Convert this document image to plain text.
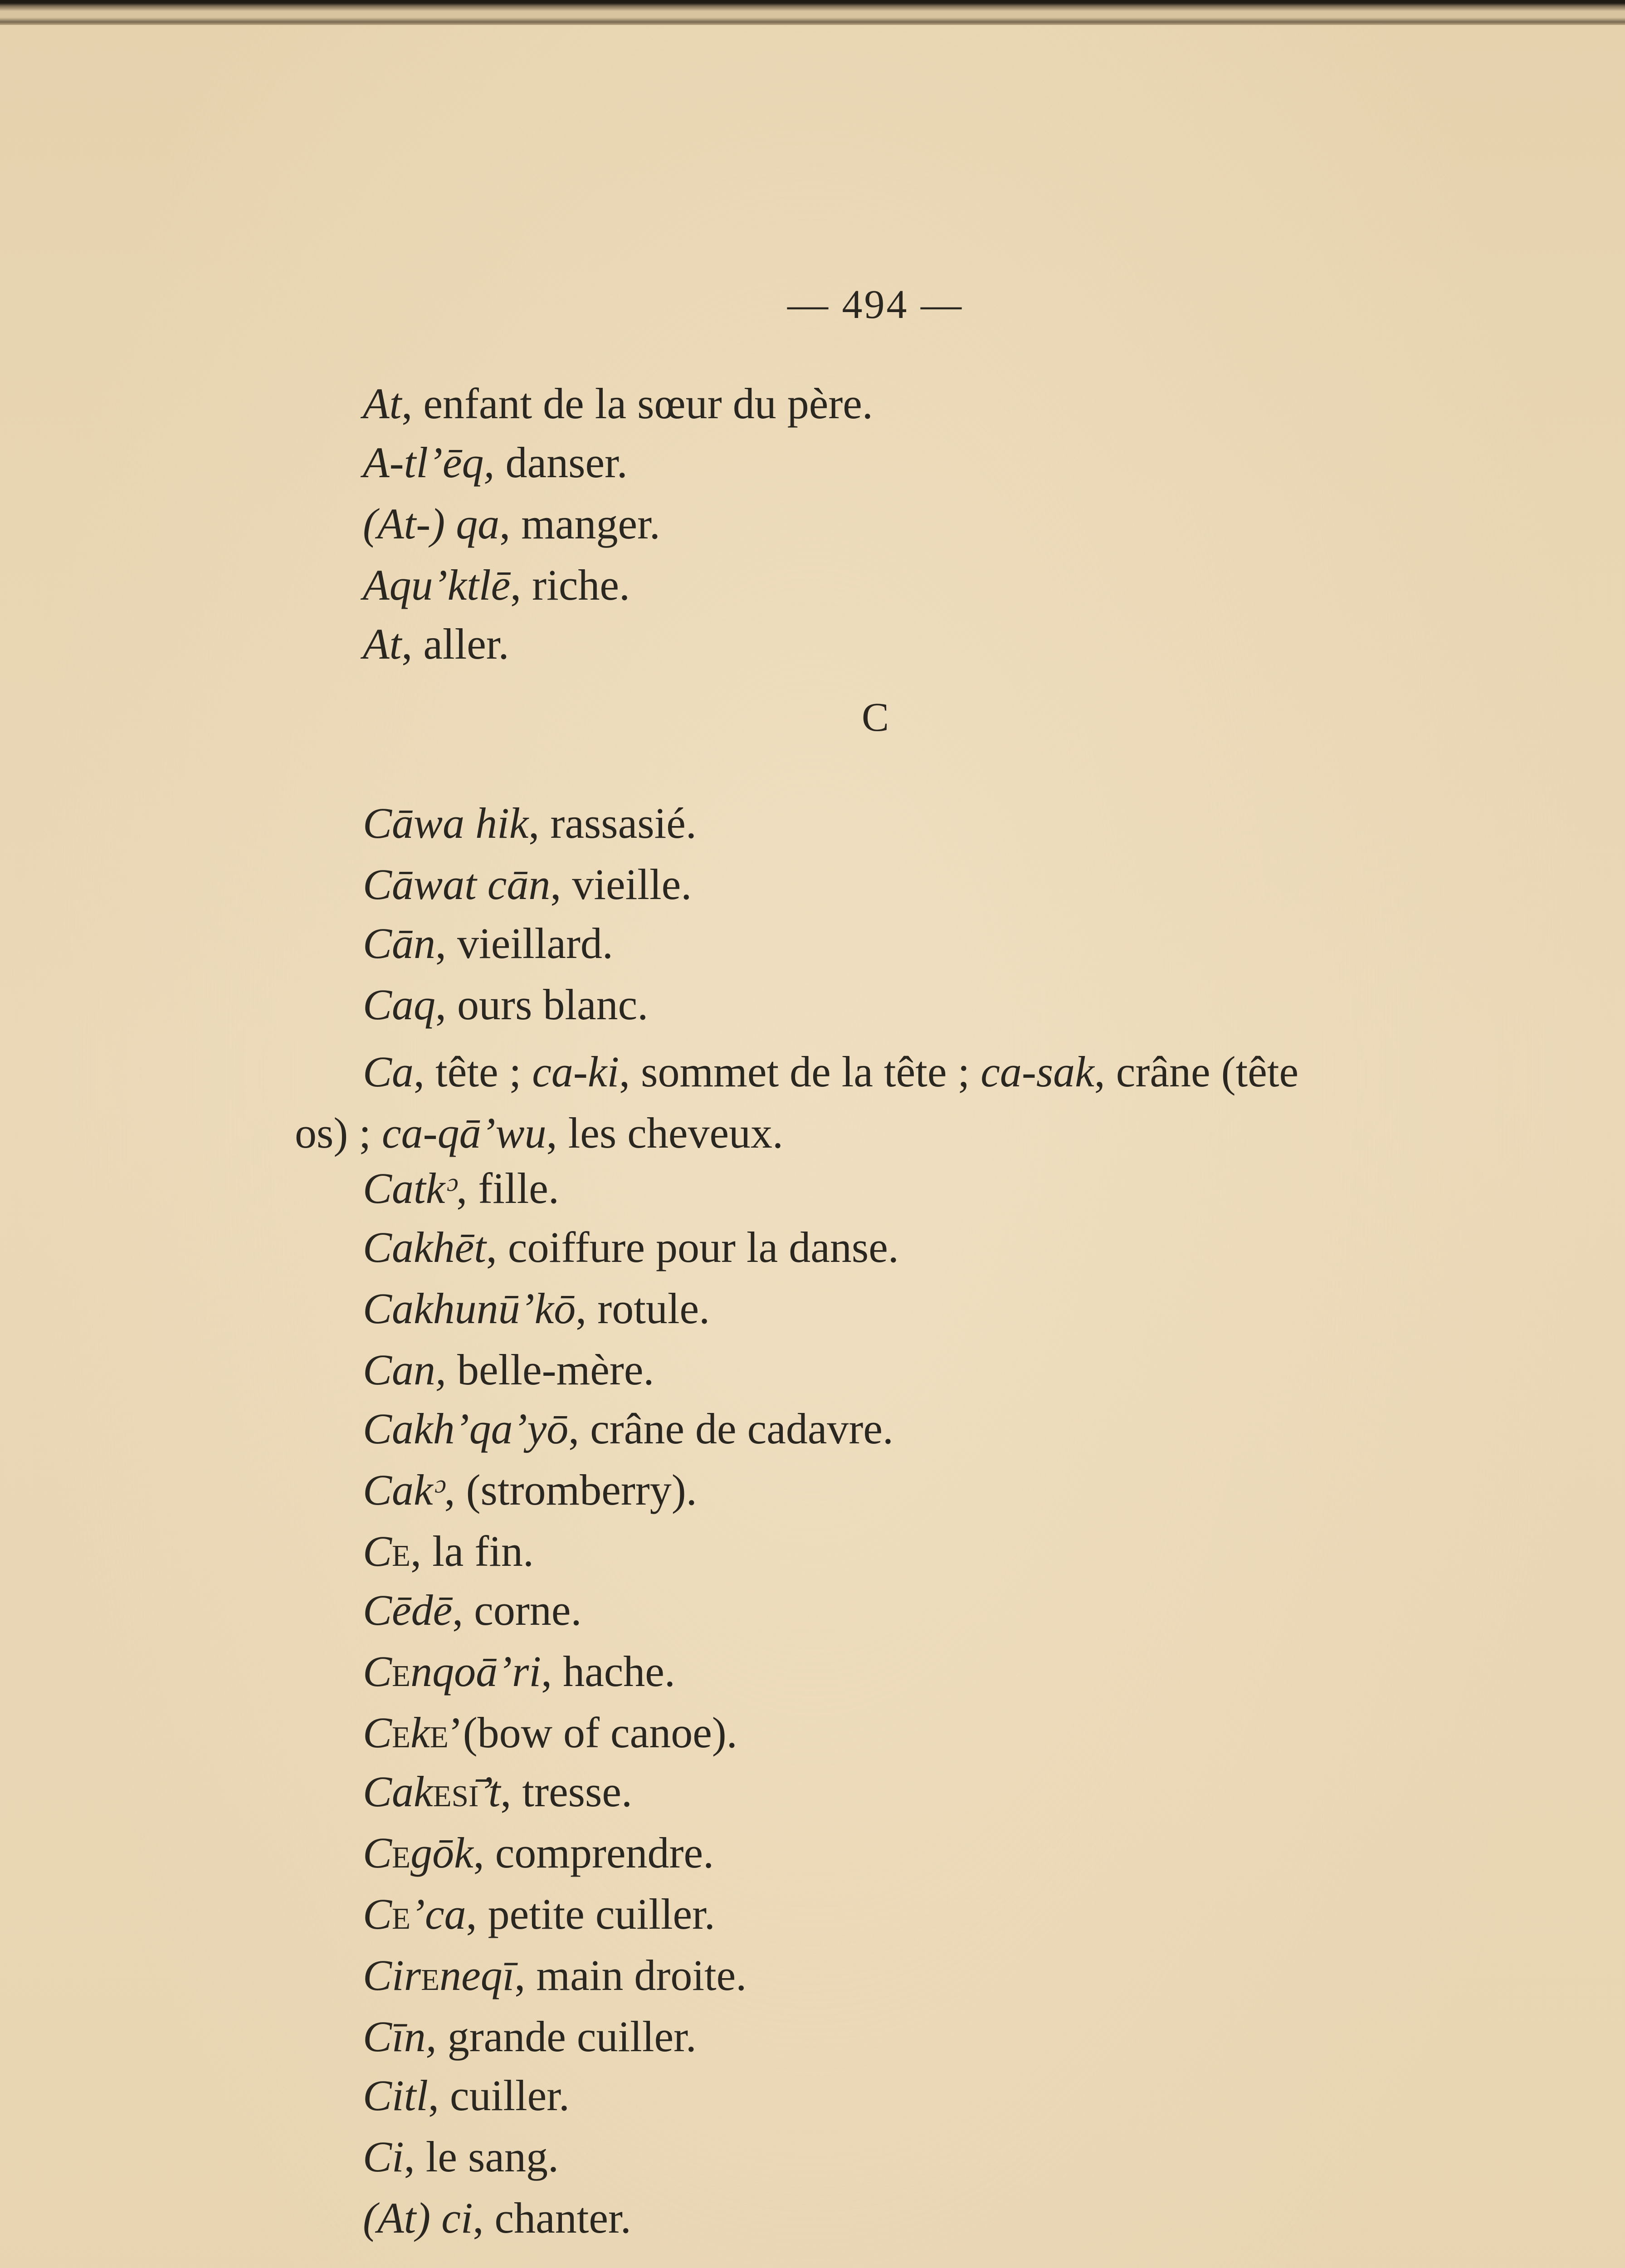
— 494 —
At, enfant de la sœur du père.
A-tl’ēq, danser.
(At-) qa, manger.
Aqu’ktlē, riche.
At, aller.
C
Cāwa hik, rassasié.
Cāwat cān, vieille.
Cān, vieillard.
Caq, ours blanc.
Ca, tête ; ca-ki, sommet de la tête ; ca-sak, crâne (tête
os) ; ca-qā’wu, les cheveux.
Catkᵓ, fille.
Cakhēt, coiffure pour la danse.
Cakhunū’kō, rotule.
Can, belle-mère.
Cakh’qa’yō, crâne de cadavre.
Cakᵓ, (stromberry).
CE, la fin.
Cēdē, corne.
CEnqoā’ri, hache.
CEkE’(bow of canoe).
CakESĪ’t, tresse.
CEgōk, comprendre.
CE’ca, petite cuiller.
CirEneqī, main droite.
Cīn, grande cuiller.
Citl, cuiller.
Ci, le sang.
(At) ci, chanter.
